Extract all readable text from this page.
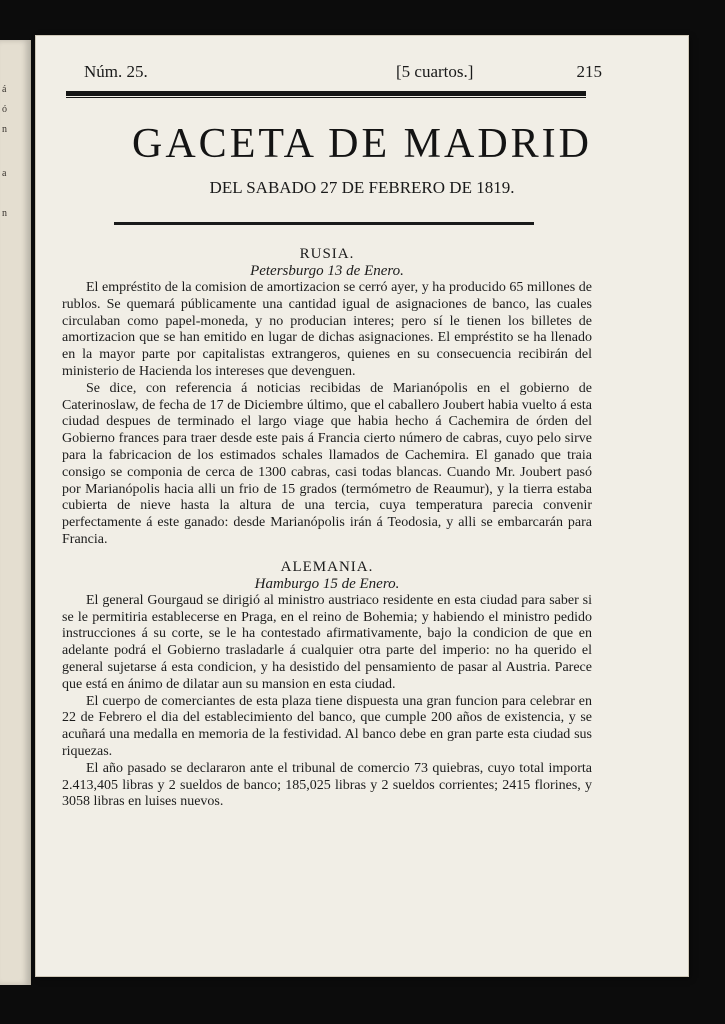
á
ó
n
a
n
Núm. 25.	[5 cuartos.]	215
GACETA DE MADRID
DEL SABADO 27 DE FEBRERO DE 1819.

RUSIA.

Petersburgo 13 de Enero.

El empréstito de la comision de amortizacion se cerró ayer, y ha producido 65 millones de rublos. Se quemará públicamente una cantidad igual de asignaciones de banco, las cuales circulaban como papel-moneda, y no producian interes; pero sí le tienen los billetes de amortizacion que se han emitido en lugar de dichas asignaciones. El empréstito se ha llenado en la mayor parte por capitalistas extrangeros, quienes en su consecuencia recibirán del ministerio de Hacienda los intereses que devenguen.

Se dice, con referencia á noticias recibidas de Marianópolis en el gobierno de Caterinoslaw, de fecha de 17 de Diciembre último, que el caballero Joubert habia vuelto á esta ciudad despues de terminado el largo viage que habia hecho á Cachemira de órden del Gobierno frances para traer desde este pais á Francia cierto número de cabras, cuyo pelo sirve para la fabricacion de los estimados schales llamados de Cachemira. El ganado que traia consigo se componia de cerca de 1300 cabras, casi todas blancas. Cuando Mr. Joubert pasó por Marianópolis hacia alli un frio de 15 grados (termómetro de Reaumur), y la tierra estaba cubierta de nieve hasta la altura de una tercia, cuya temperatura parecia convenir perfectamente á este ganado: desde Marianópolis irán á Teodosia, y alli se embarcarán para Francia.

ALEMANIA.

Hamburgo 15 de Enero.

El general Gourgaud se dirigió al ministro austriaco residente en esta ciudad para saber si se le permitiria establecerse en Praga, en el reino de Bohemia; y habiendo el ministro pedido instrucciones á su corte, se le ha contestado afirmativamente, bajo la condicion de que en adelante podrá el Gobierno trasladarle á cualquier otra parte del imperio: no ha querido el general sujetarse á esta condicion, y ha desistido del pensamiento de pasar al Austria. Parece que está en ánimo de dilatar aun su mansion en esta ciudad.

El cuerpo de comerciantes de esta plaza tiene dispuesta una gran funcion para celebrar en 22 de Febrero el dia del establecimiento del banco, que cumple 200 años de existencia, y se acuñará una medalla en memoria de la festividad. Al banco debe en gran parte esta ciudad sus riquezas.

El año pasado se declararon ante el tribunal de comercio 73 quiebras, cuyo total importa 2.413,405 libras y 2 sueldos de banco; 185,025 libras y 2 sueldos corrientes; 2415 florines, y 3058 libras en luises nuevos.
